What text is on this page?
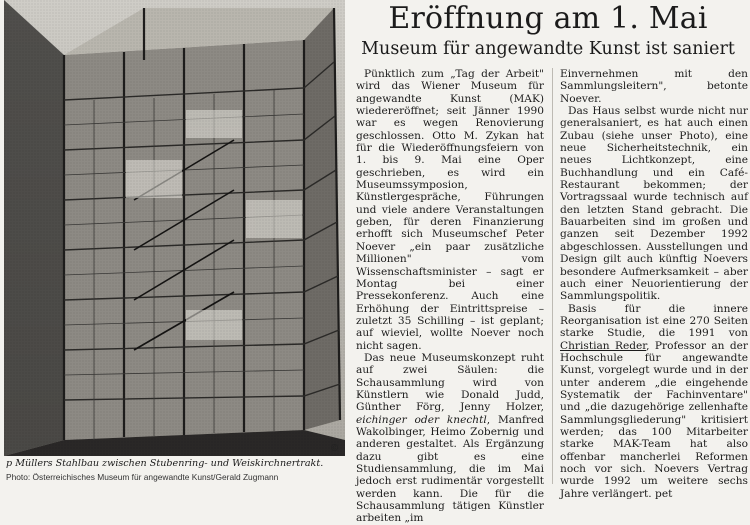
©
p Müllers Stahlbau zwischen Stubenring- und Weiskirchnertrakt.
Photo: Österreichisches Museum für angewandte Kunst/Gerald Zugmann
Eröffnung am 1. Mai
Museum für angewandte Kunst ist saniert

Pünktlich zum „Tag der Arbeit" wird das Wiener Museum für angewandte Kunst (MAK) wiedereröffnet; seit Jänner 1990 war es wegen Renovierung geschlossen. Otto M. Zykan hat für die Wiederöffnungsfeiern von 1. bis 9. Mai eine Oper geschrieben, es wird ein Museumssymposion, Künstlergespräche, Führungen und viele andere Veranstaltungen geben, für deren Finanzierung erhofft sich Museumschef Peter Noever „ein paar zusätzliche Millionen" vom Wissenschaftsminister – sagt er Montag bei einer Pressekonferenz. Auch eine Erhöhung der Eintrittspreise – zuletzt 35 Schilling – ist geplant; auf wieviel, wollte Noever noch nicht sagen.

Das neue Museumskonzept ruht auf zwei Säulen: die Schausammlung wird von Künstlern wie Donald Judd, Günther Förg, Jenny Holzer, eichinger oder knechtl, Manfred Wakolbinger, Heimo Zobernig und anderen gestaltet. Als Ergänzung dazu gibt es eine Studiensammlung, die im Mai jedoch erst rudimentär vorgestellt werden kann. Die für die Schausammlung tätigen Künstler arbeiten „im

Einvernehmen mit den Sammlungsleitern", betonte Noever.

Das Haus selbst wurde nicht nur generalsaniert, es hat auch einen Zubau (siehe unser Photo), eine neue Sicherheitstechnik, ein neues Lichtkonzept, eine Buchhandlung und ein Café-Restaurant bekommen; der Vortragssaal wurde technisch auf den letzten Stand gebracht. Die Bauarbeiten sind im großen und ganzen seit Dezember 1992 abgeschlossen. Ausstellungen und Design gilt auch künftig Noevers besondere Aufmerksamkeit – aber auch einer Neuorientierung der Sammlungspolitik.

Basis für die innere Reorganisation ist eine 270 Seiten starke Studie, die 1991 von Christian Reder, Professor an der Hochschule für angewandte Kunst, vorgelegt wurde und in der unter anderem „die eingehende Systematik der Fachinventare" und „die dazugehörige zellenhafte Sammlungsgliederung" kritisiert werden; das 100 Mitarbeiter starke MAK-Team hat also offenbar mancherlei Reformen noch vor sich. Noevers Vertrag wurde 1992 um weitere sechs Jahre verlängert. pet
